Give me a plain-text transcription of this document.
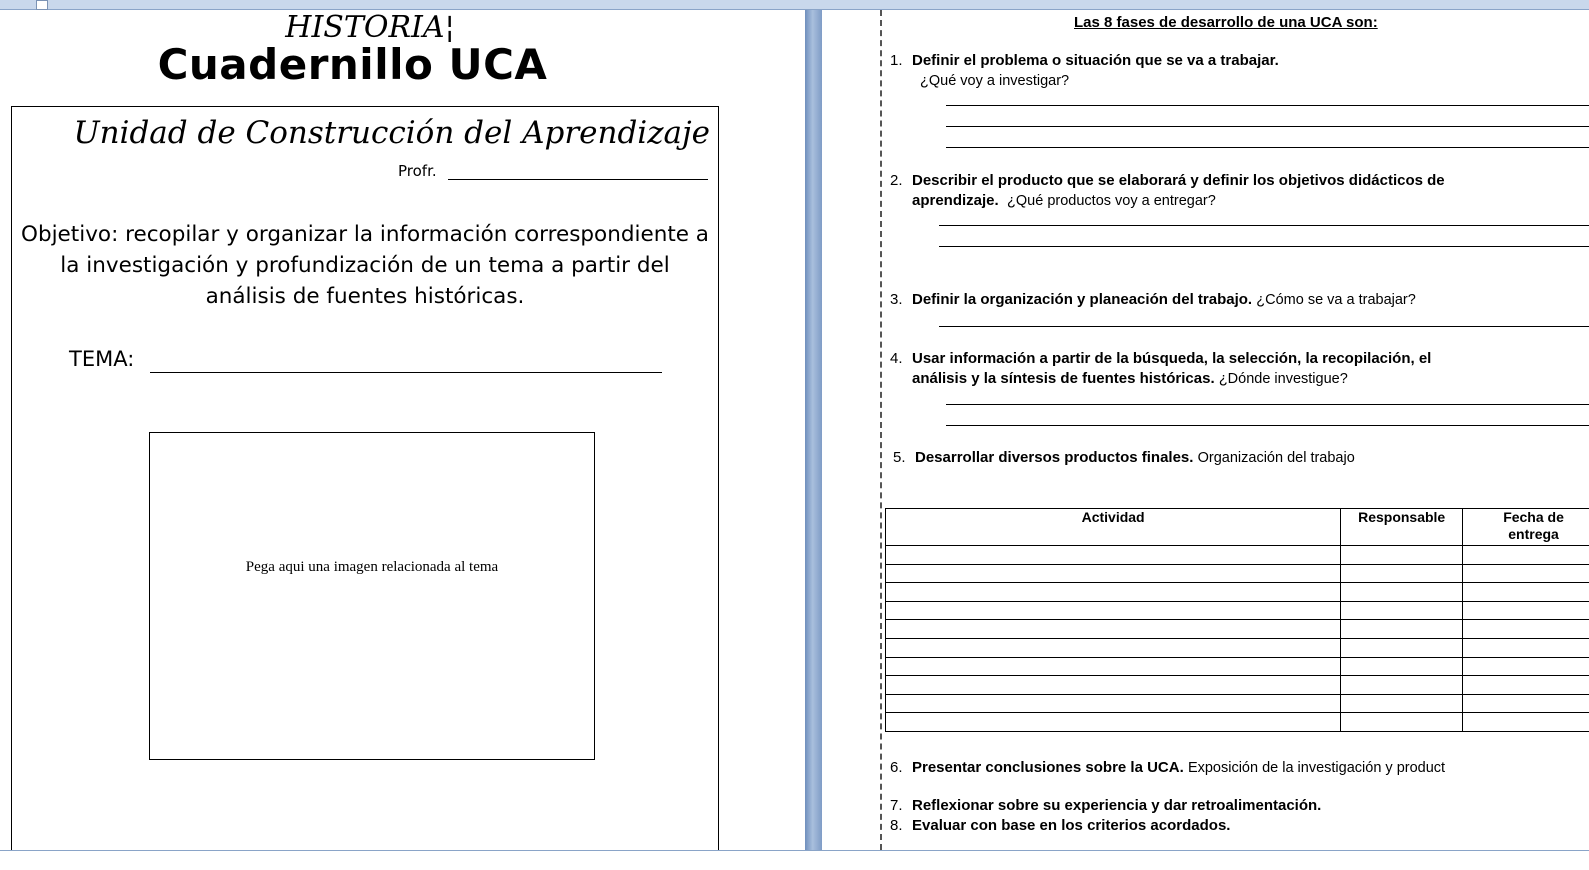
HISTORIA¦
Cuadernillo UCA
Unidad de Construcción del Aprendizaje
Profr.
Objetivo: recopilar y organizar la información correspondiente a la investigación y profundización de un tema a partir del análisis de fuentes históricas.
TEMA:
Pega aqui una imagen relacionada al tema
Las 8 fases de desarrollo de una UCA son:
1. Definir el problema o situación que se va a trabajar.
¿Qué voy a investigar?
2. Describir el producto que se elaborará y definir los objetivos didácticos de
aprendizaje. ¿Qué productos voy a entregar?
3. Definir la organización y planeación del trabajo. ¿Cómo se va a trabajar?
4. Usar información a partir de la búsqueda, la selección, la recopilación, el
análisis y la síntesis de fuentes históricas. ¿Dónde investigue?
5. Desarrollar diversos productos finales. Organización del trabajo
Actividad	Responsable	Fecha de entrega

6. Presentar conclusiones sobre la UCA. Exposición de la investigación y product
7. Reflexionar sobre su experiencia y dar retroalimentación.
8. Evaluar con base en los criterios acordados.
